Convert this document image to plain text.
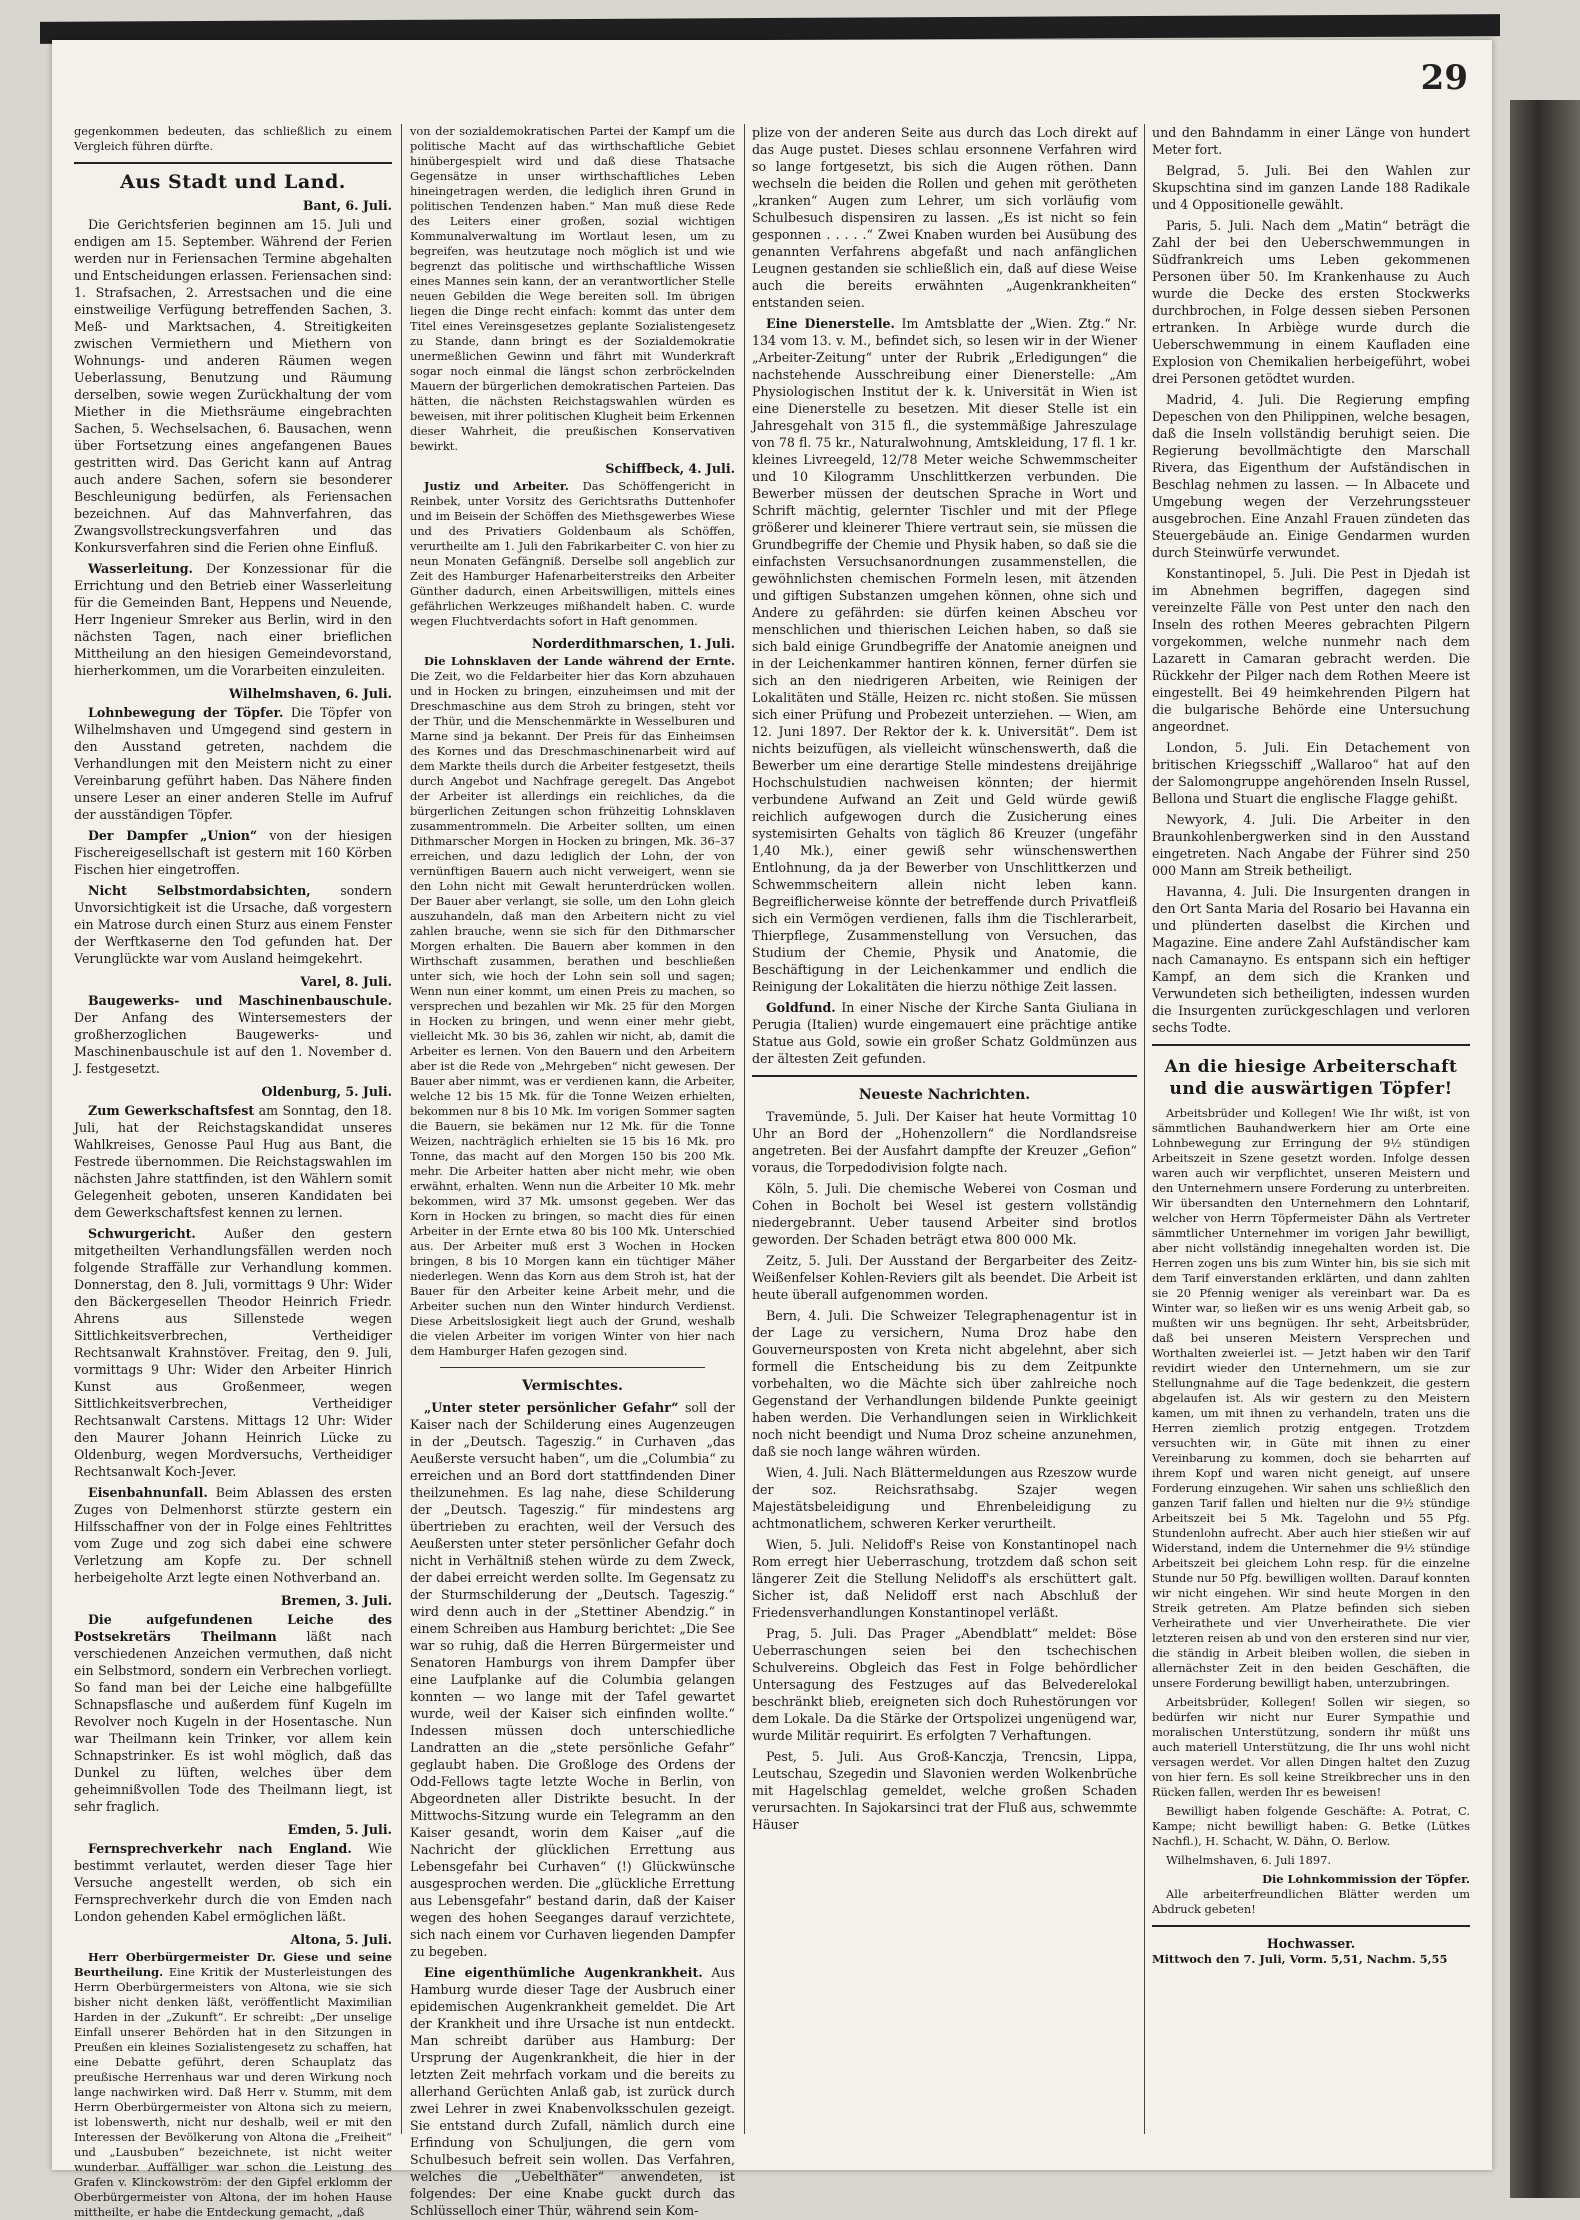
29

gegenkommen bedeuten, das schließlich zu einem Vergleich führen dürfte.

Aus Stadt und Land.
Bant, 6. Juli.

Die Gerichtsferien beginnen am 15. Juli und endigen am 15. September. Während der Ferien werden nur in Feriensachen Termine abgehalten und Entscheidungen erlassen. Feriensachen sind: 1. Strafsachen, 2. Arrestsachen und die eine einstweilige Verfügung betreffenden Sachen, 3. Meß- und Marktsachen, 4. Streitigkeiten zwischen Vermiethern und Miethern von Wohnungs- und anderen Räumen wegen Ueberlassung, Benutzung und Räumung derselben, sowie wegen Zurückhaltung der vom Miether in die Miethsräume eingebrachten Sachen, 5. Wechselsachen, 6. Bausachen, wenn über Fortsetzung eines angefangenen Baues gestritten wird. Das Gericht kann auf Antrag auch andere Sachen, sofern sie besonderer Beschleunigung bedürfen, als Feriensachen bezeichnen. Auf das Mahnverfahren, das Zwangsvollstreckungsverfahren und das Konkursverfahren sind die Ferien ohne Einfluß.

Wasserleitung. Der Konzessionar für die Errichtung und den Betrieb einer Wasserleitung für die Gemeinden Bant, Heppens und Neuende, Herr Ingenieur Smreker aus Berlin, wird in den nächsten Tagen, nach einer brieflichen Mittheilung an den hiesigen Gemeindevorstand, hierherkommen, um die Vorarbeiten einzuleiten.

Wilhelmshaven, 6. Juli.

Lohnbewegung der Töpfer. Die Töpfer von Wilhelmshaven und Umgegend sind gestern in den Ausstand getreten, nachdem die Verhandlungen mit den Meistern nicht zu einer Vereinbarung geführt haben. Das Nähere finden unsere Leser an einer anderen Stelle im Aufruf der ausständigen Töpfer.

Der Dampfer „Union“ von der hiesigen Fischereigesellschaft ist gestern mit 160 Körben Fischen hier eingetroffen.

Nicht Selbstmordabsichten, sondern Unvorsichtigkeit ist die Ursache, daß vorgestern ein Matrose durch einen Sturz aus einem Fenster der Werftkaserne den Tod gefunden hat. Der Verunglückte war vom Ausland heimgekehrt.

Varel, 8. Juli.

Baugewerks- und Maschinenbauschule. Der Anfang des Wintersemesters der großherzoglichen Baugewerks- und Maschinenbauschule ist auf den 1. November d. J. festgesetzt.

Oldenburg, 5. Juli.

Zum Gewerkschaftsfest am Sonntag, den 18. Juli, hat der Reichstagskandidat unseres Wahlkreises, Genosse Paul Hug aus Bant, die Festrede übernommen. Die Reichstagswahlen im nächsten Jahre stattfinden, ist den Wählern somit Gelegenheit geboten, unseren Kandidaten bei dem Gewerkschaftsfest kennen zu lernen.

Schwurgericht. Außer den gestern mitgetheilten Verhandlungsfällen werden noch folgende Straffälle zur Verhandlung kommen. Donnerstag, den 8. Juli, vormittags 9 Uhr: Wider den Bäckergesellen Theodor Heinrich Friedr. Ahrens aus Sillenstede wegen Sittlichkeitsverbrechen, Vertheidiger Rechtsanwalt Krahnstöver. Freitag, den 9. Juli, vormittags 9 Uhr: Wider den Arbeiter Hinrich Kunst aus Großenmeer, wegen Sittlichkeitsverbrechen, Vertheidiger Rechtsanwalt Carstens. Mittags 12 Uhr: Wider den Maurer Johann Heinrich Lücke zu Oldenburg, wegen Mordversuchs, Vertheidiger Rechtsanwalt Koch-Jever.

Eisenbahnunfall. Beim Ablassen des ersten Zuges von Delmenhorst stürzte gestern ein Hilfsschaffner von der in Folge eines Fehltrittes vom Zuge und zog sich dabei eine schwere Verletzung am Kopfe zu. Der schnell herbeigeholte Arzt legte einen Nothverband an.

Bremen, 3. Juli.

Die aufgefundenen Leiche des Postsekretärs Theilmann läßt nach verschiedenen Anzeichen vermuthen, daß nicht ein Selbstmord, sondern ein Verbrechen vorliegt. So fand man bei der Leiche eine halbgefüllte Schnapsflasche und außerdem fünf Kugeln im Revolver noch Kugeln in der Hosentasche. Nun war Theilmann kein Trinker, vor allem kein Schnapstrinker. Es ist wohl möglich, daß das Dunkel zu lüften, welches über dem geheimnißvollen Tode des Theilmann liegt, ist sehr fraglich.

Emden, 5. Juli.

Fernsprechverkehr nach England. Wie bestimmt verlautet, werden dieser Tage hier Versuche angestellt werden, ob sich ein Fernsprechverkehr durch die von Emden nach London gehenden Kabel ermöglichen läßt.

Altona, 5. Juli.

Herr Oberbürgermeister Dr. Giese und seine Beurtheilung. Eine Kritik der Musterleistungen des Herrn Oberbürgermeisters von Altona, wie sie sich bisher nicht denken läßt, veröffentlicht Maximilian Harden in der „Zukunft“. Er schreibt: „Der unselige Einfall unserer Behörden hat in den Sitzungen in Preußen ein kleines Sozialistengesetz zu schaffen, hat eine Debatte geführt, deren Schauplatz das preußische Herrenhaus war und deren Wirkung noch lange nachwirken wird. Daß Herr v. Stumm, mit dem Herrn Oberbürgermeister von Altona sich zu meiern, ist lobenswerth, nicht nur deshalb, weil er mit den Interessen der Bevölkerung von Altona die „Freiheit“ und „Lausbuben“ bezeichnete, ist nicht weiter wunderbar. Auffälliger war schon die Leistung des Grafen v. Klinckowström: der den Gipfel erklomm der Oberbürgermeister von Altona, der im hohen Hause mittheilte, er habe die Entdeckung gemacht, „daß

von der sozialdemokratischen Partei der Kampf um die politische Macht auf das wirthschaftliche Gebiet hinübergespielt wird und daß diese Thatsache Gegensätze in unser wirthschaftliches Leben hineingetragen werden, die lediglich ihren Grund in politischen Tendenzen haben.“ Man muß diese Rede des Leiters einer großen, sozial wichtigen Kommunalverwaltung im Wortlaut lesen, um zu begreifen, was heutzutage noch möglich ist und wie begrenzt das politische und wirthschaftliche Wissen eines Mannes sein kann, der an verantwortlicher Stelle neuen Gebilden die Wege bereiten soll. Im übrigen liegen die Dinge recht einfach: kommt das unter dem Titel eines Vereinsgesetzes geplante Sozialistengesetz zu Stande, dann bringt es der Sozialdemokratie unermeßlichen Gewinn und fährt mit Wunderkraft sogar noch einmal die längst schon zerbröckelnden Mauern der bürgerlichen demokratischen Parteien. Das hätten, die nächsten Reichstagswahlen würden es beweisen, mit ihrer politischen Klugheit beim Erkennen dieser Wahrheit, die preußischen Konservativen bewirkt.

Schiffbeck, 4. Juli.

Justiz und Arbeiter. Das Schöffengericht in Reinbek, unter Vorsitz des Gerichtsraths Duttenhofer und im Beisein der Schöffen des Miethsgewerbes Wiese und des Privatiers Goldenbaum als Schöffen, verurtheilte am 1. Juli den Fabrikarbeiter C. von hier zu neun Monaten Gefängniß. Derselbe soll angeblich zur Zeit des Hamburger Hafenarbeiterstreiks den Arbeiter Günther dadurch, einen Arbeitswilligen, mittels eines gefährlichen Werkzeuges mißhandelt haben. C. wurde wegen Fluchtverdachts sofort in Haft genommen.

Norderdithmarschen, 1. Juli.

Die Lohnsklaven der Lande während der Ernte. Die Zeit, wo die Feldarbeiter hier das Korn abzuhauen und in Hocken zu bringen, einzuheimsen und mit der Dreschmaschine aus dem Stroh zu bringen, steht vor der Thür, und die Menschenmärkte in Wesselburen und Marne sind ja bekannt. Der Preis für das Einheimsen des Kornes und das Dreschmaschinenarbeit wird auf dem Markte theils durch die Arbeiter festgesetzt, theils durch Angebot und Nachfrage geregelt. Das Angebot der Arbeiter ist allerdings ein reichliches, da die bürgerlichen Zeitungen schon frühzeitig Lohnsklaven zusammentrommeln. Die Arbeiter sollten, um einen Dithmarscher Morgen in Hocken zu bringen, Mk. 36–37 erreichen, und dazu lediglich der Lohn, der von vernünftigen Bauern auch nicht verweigert, wenn sie den Lohn nicht mit Gewalt herunterdrücken wollen. Der Bauer aber verlangt, sie solle, um den Lohn gleich auszuhandeln, daß man den Arbeitern nicht zu viel zahlen brauche, wenn sie sich für den Dithmarscher Morgen erhalten. Die Bauern aber kommen in den Wirthschaft zusammen, berathen und beschließen unter sich, wie hoch der Lohn sein soll und sagen; Wenn nun einer kommt, um einen Preis zu machen, so versprechen und bezahlen wir Mk. 25 für den Morgen in Hocken zu bringen, und wenn einer mehr giebt, vielleicht Mk. 30 bis 36, zahlen wir nicht, ab, damit die Arbeiter es lernen. Von den Bauern und den Arbeitern aber ist die Rede von „Mehrgeben“ nicht gewesen. Der Bauer aber nimmt, was er verdienen kann, die Arbeiter, welche 12 bis 15 Mk. für die Tonne Weizen erhielten, bekommen nur 8 bis 10 Mk. Im vorigen Sommer sagten die Bauern, sie bekämen nur 12 Mk. für die Tonne Weizen, nachträglich erhielten sie 15 bis 16 Mk. pro Tonne, das macht auf den Morgen 150 bis 200 Mk. mehr. Die Arbeiter hatten aber nicht mehr, wie oben erwähnt, erhalten. Wenn nun die Arbeiter 10 Mk. mehr bekommen, wird 37 Mk. umsonst gegeben. Wer das Korn in Hocken zu bringen, so macht dies für einen Arbeiter in der Ernte etwa 80 bis 100 Mk. Unterschied aus. Der Arbeiter muß erst 3 Wochen in Hocken bringen, 8 bis 10 Morgen kann ein tüchtiger Mäher niederlegen. Wenn das Korn aus dem Stroh ist, hat der Bauer für den Arbeiter keine Arbeit mehr, und die Arbeiter suchen nun den Winter hindurch Verdienst. Diese Arbeitslosigkeit liegt auch der Grund, weshalb die vielen Arbeiter im vorigen Winter von hier nach dem Hamburger Hafen gezogen sind.

Vermischtes.

„Unter steter persönlicher Gefahr“ soll der Kaiser nach der Schilderung eines Augenzeugen in der „Deutsch. Tageszig.“ in Curhaven „das Aeußerste versucht haben“, um die „Columbia“ zu erreichen und an Bord dort stattfindenden Diner theilzunehmen. Es lag nahe, diese Schilderung der „Deutsch. Tageszig.“ für mindestens arg übertrieben zu erachten, weil der Versuch des Aeußersten unter steter persönlicher Gefahr doch nicht in Verhältniß stehen würde zu dem Zweck, der dabei erreicht werden sollte. Im Gegensatz zu der Sturmschilderung der „Deutsch. Tageszig.“ wird denn auch in der „Stettiner Abendzig.“ in einem Schreiben aus Hamburg berichtet: „Die See war so ruhig, daß die Herren Bürgermeister und Senatoren Hamburgs von ihrem Dampfer über eine Laufplanke auf die Columbia gelangen konnten — wo lange mit der Tafel gewartet wurde, weil der Kaiser sich einfinden wollte.“ Indessen müssen doch unterschiedliche Landratten an die „stete persönliche Gefahr“ geglaubt haben. Die Großloge des Ordens der Odd-Fellows tagte letzte Woche in Berlin, von Abgeordneten aller Distrikte besucht. In der Mittwochs-Sitzung wurde ein Telegramm an den Kaiser gesandt, worin dem Kaiser „auf die Nachricht der glücklichen Errettung aus Lebensgefahr bei Curhaven“ (!) Glückwünsche ausgesprochen werden. Die „glückliche Errettung aus Lebensgefahr“ bestand darin, daß der Kaiser wegen des hohen Seeganges darauf verzichtete, sich nach einem vor Curhaven liegenden Dampfer zu begeben.

Eine eigenthümliche Augenkrankheit. Aus Hamburg wurde dieser Tage der Ausbruch einer epidemischen Augenkrankheit gemeldet. Die Art der Krankheit und ihre Ursache ist nun entdeckt. Man schreibt darüber aus Hamburg: Der Ursprung der Augenkrankheit, die hier in der letzten Zeit mehrfach vorkam und die bereits zu allerhand Gerüchten Anlaß gab, ist zurück durch zwei Lehrer in zwei Knabenvolksschulen gezeigt. Sie entstand durch Zufall, nämlich durch eine Erfindung von Schuljungen, die gern vom Schulbesuch befreit sein wollen. Das Verfahren, welches die „Uebelthäter“ anwendeten, ist folgendes: Der eine Knabe guckt durch das Schlüsselloch einer Thür, während sein Kom-

plize von der anderen Seite aus durch das Loch direkt auf das Auge pustet. Dieses schlau ersonnene Verfahren wird so lange fortgesetzt, bis sich die Augen röthen. Dann wechseln die beiden die Rollen und gehen mit gerötheten „kranken“ Augen zum Lehrer, um sich vorläufig vom Schulbesuch dispensiren zu lassen. „Es ist nicht so fein gesponnen . . . . .“ Zwei Knaben wurden bei Ausübung des genannten Verfahrens abgefaßt und nach anfänglichen Leugnen gestanden sie schließlich ein, daß auf diese Weise auch die bereits erwähnten „Augenkrankheiten“ entstanden seien.

Eine Dienerstelle. Im Amtsblatte der „Wien. Ztg.“ Nr. 134 vom 13. v. M., befindet sich, so lesen wir in der Wiener „Arbeiter-Zeitung“ unter der Rubrik „Erledigungen“ die nachstehende Ausschreibung einer Dienerstelle: „Am Physiologischen Institut der k. k. Universität in Wien ist eine Dienerstelle zu besetzen. Mit dieser Stelle ist ein Jahresgehalt von 315 fl., die systemmäßige Jahreszulage von 78 fl. 75 kr., Naturalwohnung, Amtskleidung, 17 fl. 1 kr. kleines Livreegeld, 12/78 Meter weiche Schwemmscheiter und 10 Kilogramm Unschlittkerzen verbunden. Die Bewerber müssen der deutschen Sprache in Wort und Schrift mächtig, gelernter Tischler und mit der Pflege größerer und kleinerer Thiere vertraut sein, sie müssen die Grundbegriffe der Chemie und Physik haben, so daß sie die einfachsten Versuchsanordnungen zusammenstellen, die gewöhnlichsten chemischen Formeln lesen, mit ätzenden und giftigen Substanzen umgehen können, ohne sich und Andere zu gefährden: sie dürfen keinen Abscheu vor menschlichen und thierischen Leichen haben, so daß sie sich bald einige Grundbegriffe der Anatomie aneignen und in der Leichenkammer hantiren können, ferner dürfen sie sich an den niedrigeren Arbeiten, wie Reinigen der Lokalitäten und Ställe, Heizen rc. nicht stoßen. Sie müssen sich einer Prüfung und Probezeit unterziehen. — Wien, am 12. Juni 1897. Der Rektor der k. k. Universität“. Dem ist nichts beizufügen, als vielleicht wünschenswerth, daß die Bewerber um eine derartige Stelle mindestens dreijährige Hochschulstudien nachweisen könnten; der hiermit verbundene Aufwand an Zeit und Geld würde gewiß reichlich aufgewogen durch die Zusicherung eines systemisirten Gehalts von täglich 86 Kreuzer (ungefähr 1,40 Mk.), einer gewiß sehr wünschenswerthen Entlohnung, da ja der Bewerber von Unschlittkerzen und Schwemmscheitern allein nicht leben kann. Begreiflicherweise könnte der betreffende durch Privatfleiß sich ein Vermögen verdienen, falls ihm die Tischlerarbeit, Thierpflege, Zusammenstellung von Versuchen, das Studium der Chemie, Physik und Anatomie, die Beschäftigung in der Leichenkammer und endlich die Reinigung der Lokalitäten die hierzu nöthige Zeit lassen.

Goldfund. In einer Nische der Kirche Santa Giuliana in Perugia (Italien) wurde eingemauert eine prächtige antike Statue aus Gold, sowie ein großer Schatz Goldmünzen aus der ältesten Zeit gefunden.

Neueste Nachrichten.

Travemünde, 5. Juli. Der Kaiser hat heute Vormittag 10 Uhr an Bord der „Hohenzollern“ die Nordlandsreise angetreten. Bei der Ausfahrt dampfte der Kreuzer „Gefion“ voraus, die Torpedodivision folgte nach.

Köln, 5. Juli. Die chemische Weberei von Cosman und Cohen in Bocholt bei Wesel ist gestern vollständig niedergebrannt. Ueber tausend Arbeiter sind brotlos geworden. Der Schaden beträgt etwa 800 000 Mk.

Zeitz, 5. Juli. Der Ausstand der Bergarbeiter des Zeitz-Weißenfelser Kohlen-Reviers gilt als beendet. Die Arbeit ist heute überall aufgenommen worden.

Bern, 4. Juli. Die Schweizer Telegraphenagentur ist in der Lage zu versichern, Numa Droz habe den Gouverneursposten von Kreta nicht abgelehnt, aber sich formell die Entscheidung bis zu dem Zeitpunkte vorbehalten, wo die Mächte sich über zahlreiche noch Gegenstand der Verhandlungen bildende Punkte geeinigt haben werden. Die Verhandlungen seien in Wirklichkeit noch nicht beendigt und Numa Droz scheine anzunehmen, daß sie noch lange währen würden.

Wien, 4. Juli. Nach Blättermeldungen aus Rzeszow wurde der soz. Reichsrathsabg. Szajer wegen Majestätsbeleidigung und Ehrenbeleidigung zu achtmonatlichem, schweren Kerker verurtheilt.

Wien, 5. Juli. Nelidoff's Reise von Konstantinopel nach Rom erregt hier Ueberraschung, trotzdem daß schon seit längerer Zeit die Stellung Nelidoff's als erschüttert galt. Sicher ist, daß Nelidoff erst nach Abschluß der Friedensverhandlungen Konstantinopel verläßt.

Prag, 5. Juli. Das Prager „Abendblatt“ meldet: Böse Ueberraschungen seien bei den tschechischen Schulvereins. Obgleich das Fest in Folge behördlicher Untersagung des Festzuges auf das Belvederelokal beschränkt blieb, ereigneten sich doch Ruhestörungen vor dem Lokale. Da die Stärke der Ortspolizei ungenügend war, wurde Militär requirirt. Es erfolgten 7 Verhaftungen.

Pest, 5. Juli. Aus Groß-Kanczja, Trencsin, Lippa, Leutschau, Szegedin und Slavonien werden Wolkenbrüche mit Hagelschlag gemeldet, welche großen Schaden verursachten. In Sajokarsinci trat der Fluß aus, schwemmte Häuser

und den Bahndamm in einer Länge von hundert Meter fort.

Belgrad, 5. Juli. Bei den Wahlen zur Skupschtina sind im ganzen Lande 188 Radikale und 4 Oppositionelle gewählt.

Paris, 5. Juli. Nach dem „Matin“ beträgt die Zahl der bei den Ueberschwemmungen in Südfrankreich ums Leben gekommenen Personen über 50. Im Krankenhause zu Auch wurde die Decke des ersten Stockwerks durchbrochen, in Folge dessen sieben Personen ertranken. In Arbiège wurde durch die Ueberschwemmung in einem Kaufladen eine Explosion von Chemikalien herbeigeführt, wobei drei Personen getödtet wurden.

Madrid, 4. Juli. Die Regierung empfing Depeschen von den Philippinen, welche besagen, daß die Inseln vollständig beruhigt seien. Die Regierung bevollmächtigte den Marschall Rivera, das Eigenthum der Aufständischen in Beschlag nehmen zu lassen. — In Albacete und Umgebung wegen der Verzehrungssteuer ausgebrochen. Eine Anzahl Frauen zündeten das Steuergebäude an. Einige Gendarmen wurden durch Steinwürfe verwundet.

Konstantinopel, 5. Juli. Die Pest in Djedah ist im Abnehmen begriffen, dagegen sind vereinzelte Fälle von Pest unter den nach den Inseln des rothen Meeres gebrachten Pilgern vorgekommen, welche nunmehr nach dem Lazarett in Camaran gebracht werden. Die Rückkehr der Pilger nach dem Rothen Meere ist eingestellt. Bei 49 heimkehrenden Pilgern hat die bulgarische Behörde eine Untersuchung angeordnet.

London, 5. Juli. Ein Detachement von britischen Kriegsschiff „Wallaroo“ hat auf den der Salomongruppe angehörenden Inseln Russel, Bellona und Stuart die englische Flagge gehißt.

Newyork, 4. Juli. Die Arbeiter in den Braunkohlenbergwerken sind in den Ausstand eingetreten. Nach Angabe der Führer sind 250 000 Mann am Streik betheiligt.

Havanna, 4. Juli. Die Insurgenten drangen in den Ort Santa Maria del Rosario bei Havanna ein und plünderten daselbst die Kirchen und Magazine. Eine andere Zahl Aufständischer kam nach Camanayno. Es entspann sich ein heftiger Kampf, an dem sich die Kranken und Verwundeten sich betheiligten, indessen wurden die Insurgenten zurückgeschlagen und verloren sechs Todte.

An die hiesige Arbeiterschaft und die auswärtigen Töpfer!

Arbeitsbrüder und Kollegen! Wie Ihr wißt, ist von sämmtlichen Bauhandwerkern hier am Orte eine Lohnbewegung zur Erringung der 9½ stündigen Arbeitszeit in Szene gesetzt worden. Infolge dessen waren auch wir verpflichtet, unseren Meistern und den Unternehmern unsere Forderung zu unterbreiten. Wir übersandten den Unternehmern den Lohntarif, welcher von Herrn Töpfermeister Dähn als Vertreter sämmtlicher Unternehmer im vorigen Jahr bewilligt, aber nicht vollständig innegehalten worden ist. Die Herren zogen uns bis zum Winter hin, bis sie sich mit dem Tarif einverstanden erklärten, und dann zahlten sie 20 Pfennig weniger als vereinbart war. Da es Winter war, so ließen wir es uns wenig Arbeit gab, so mußten wir uns begnügen. Ihr seht, Arbeitsbrüder, daß bei unseren Meistern Versprechen und Worthalten zweierlei ist. — Jetzt haben wir den Tarif revidirt wieder den Unternehmern, um sie zur Stellungnahme auf die Tage bedenkzeit, die gestern abgelaufen ist. Als wir gestern zu den Meistern kamen, um mit ihnen zu verhandeln, traten uns die Herren ziemlich protzig entgegen. Trotzdem versuchten wir, in Güte mit ihnen zu einer Vereinbarung zu kommen, doch sie beharrten auf ihrem Kopf und waren nicht geneigt, auf unsere Forderung einzugehen. Wir sahen uns schließlich den ganzen Tarif fallen und hielten nur die 9½ stündige Arbeitszeit bei 5 Mk. Tagelohn und 55 Pfg. Stundenlohn aufrecht. Aber auch hier stießen wir auf Widerstand, indem die Unternehmer die 9½ stündige Arbeitszeit bei gleichem Lohn resp. für die einzelne Stunde nur 50 Pfg. bewilligen wollten. Darauf konnten wir nicht eingehen. Wir sind heute Morgen in den Streik getreten. Am Platze befinden sich sieben Verheirathete und vier Unverheirathete. Die vier letzteren reisen ab und von den ersteren sind nur vier, die ständig in Arbeit bleiben wollen, die sieben in allernächster Zeit in den beiden Geschäften, die unsere Forderung bewilligt haben, unterzubringen.

Arbeitsbrüder, Kollegen! Sollen wir siegen, so bedürfen wir nicht nur Eurer Sympathie und moralischen Unterstützung, sondern ihr müßt uns auch materiell Unterstützung, die Ihr uns wohl nicht versagen werdet. Vor allen Dingen haltet den Zuzug von hier fern. Es soll keine Streikbrecher uns in den Rücken fallen, werden Ihr es beweisen!

Bewilligt haben folgende Geschäfte: A. Potrat, C. Kampe; nicht bewilligt haben: G. Betke (Lütkes Nachfl.), H. Schacht, W. Dähn, O. Berlow.

Wilhelmshaven, 6. Juli 1897.

Die Lohnkommission der Töpfer.

Alle arbeiterfreundlichen Blätter werden um Abdruck gebeten!

Hochwasser.

Mittwoch den 7. Juli, Vorm. 5,51, Nachm. 5,55
